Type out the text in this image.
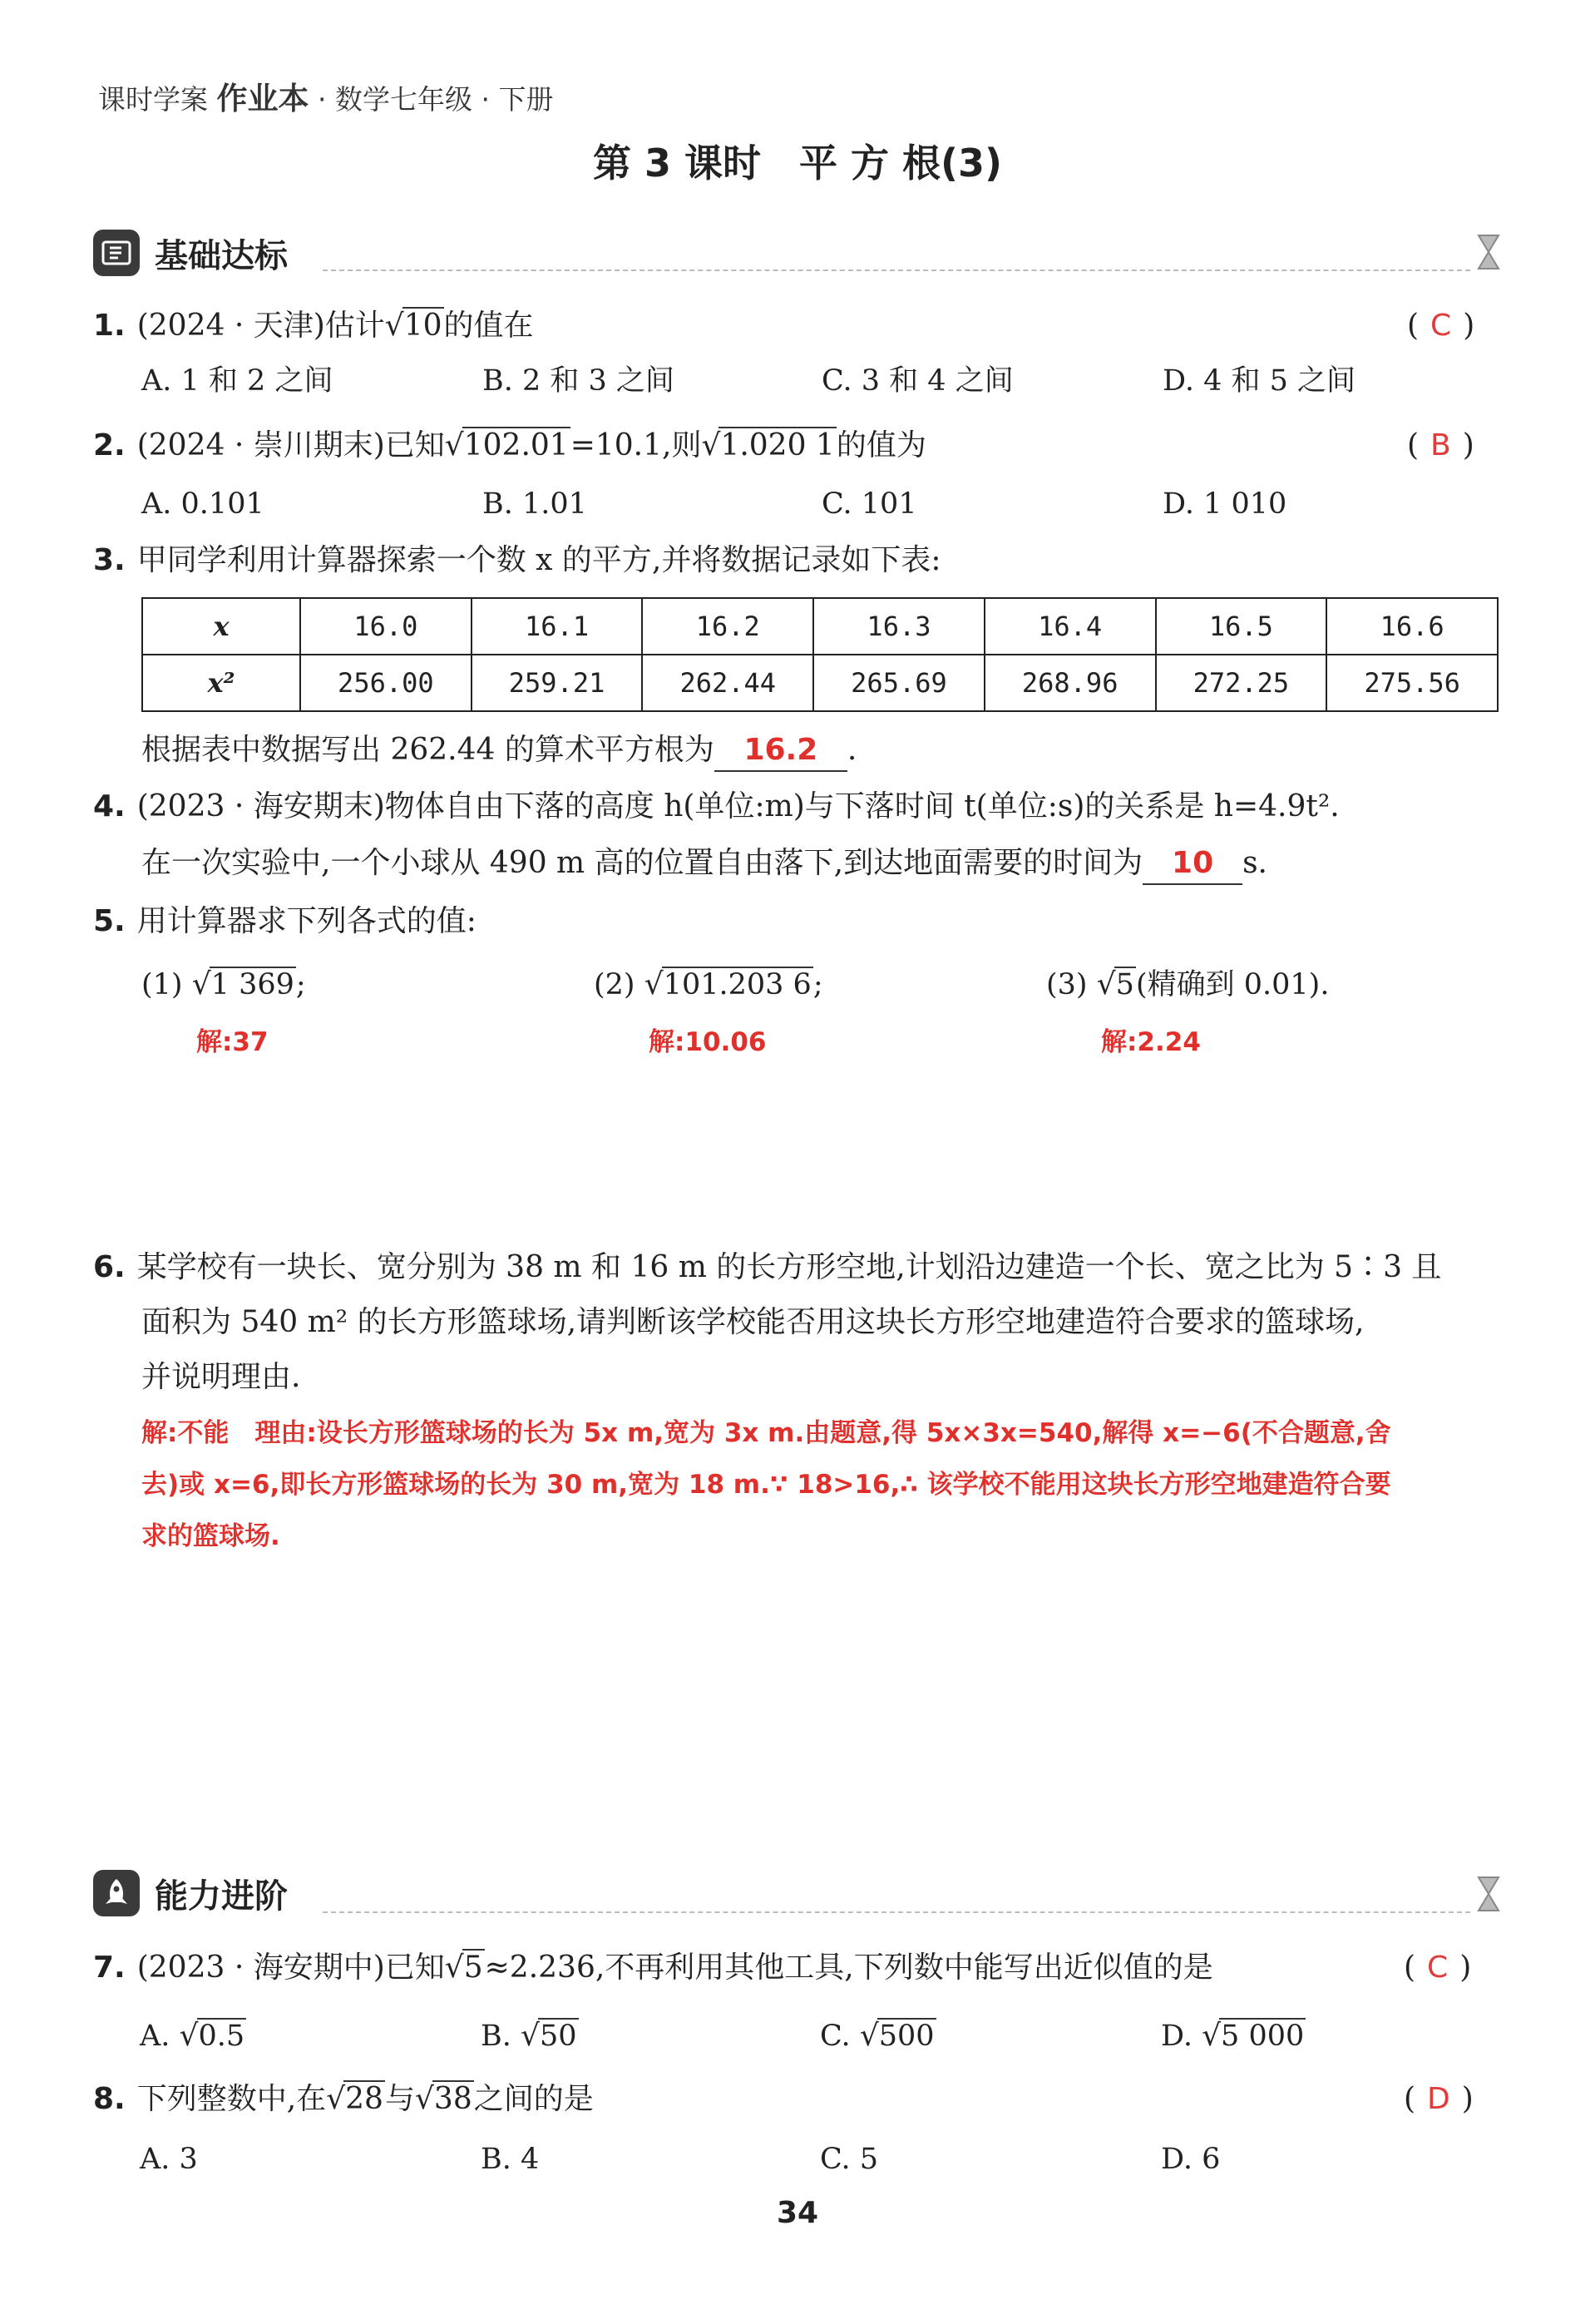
课时学案 作业本 · 数学七年级 · 下册
第 3 课时　平 方 根(3)
基础达标
1. (2024 · 天津)估计√10的值在	( C )
A. 1 和 2 之间	B. 2 和 3 之间	C. 3 和 4 之间	D. 4 和 5 之间
2. (2024 · 崇川期末)已知√102.01=10.1,则√1.020 1的值为	( B )
A. 0.101	B. 1.01	C. 101	D. 1 010
3. 甲同学利用计算器探索一个数 x 的平方,并将数据记录如下表:
x	16.0	16.1	16.2	16.3	16.4	16.5	16.6
x²	256.00	259.21	262.44	265.69	268.96	272.25	275.56
根据表中数据写出 262.44 的算术平方根为 16.2 .
4. (2023 · 海安期末)物体自由下落的高度 h(单位:m)与下落时间 t(单位:s)的关系是 h=4.9t².
在一次实验中,一个小球从 490 m 高的位置自由落下,到达地面需要的时间为 10 s.
5. 用计算器求下列各式的值:
(1) √1 369;	(2) √101.203 6;	(3) √5(精确到 0.01).
解:37	解:10.06	解:2.24
6. 某学校有一块长、宽分别为 38 m 和 16 m 的长方形空地,计划沿边建造一个长、宽之比为 5∶3 且
面积为 540 m² 的长方形篮球场,请判断该学校能否用这块长方形空地建造符合要求的篮球场,
并说明理由.
解:不能　理由:设长方形篮球场的长为 5x m,宽为 3x m.由题意,得 5x×3x=540,解得 x=−6(不合题意,舍
去)或 x=6,即长方形篮球场的长为 30 m,宽为 18 m.∵ 18>16,∴ 该学校不能用这块长方形空地建造符合要
求的篮球场.
能力进阶
7. (2023 · 海安期中)已知√5≈2.236,不再利用其他工具,下列数中能写出近似值的是	( C )
A. √0.5	B. √50	C. √500	D. √5 000
8. 下列整数中,在√28与√38之间的是	( D )
A. 3	B. 4	C. 5	D. 6
34
